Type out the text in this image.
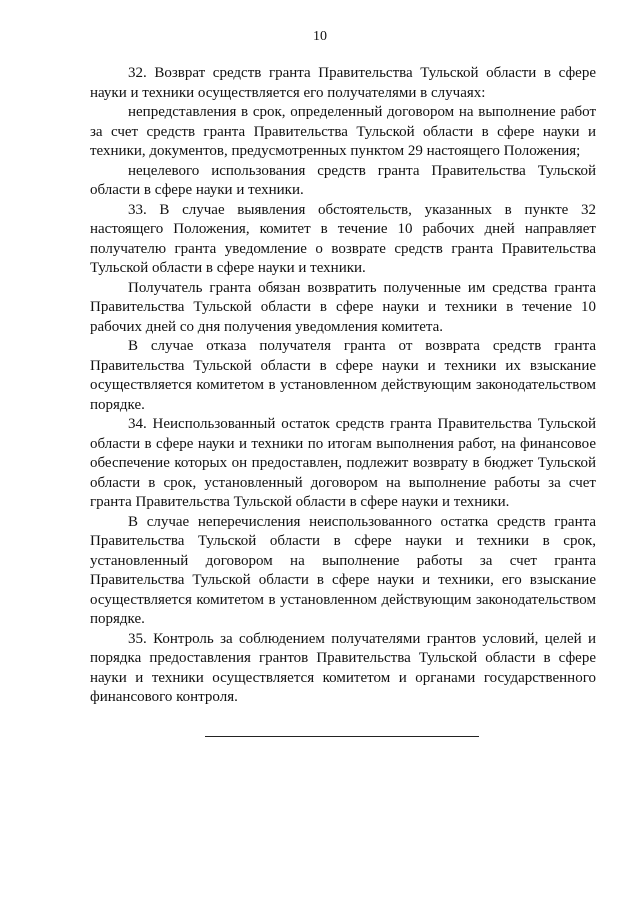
10

32. Возврат средств гранта Правительства Тульской области в сфере науки и техники осуществляется его получателями в случаях:

непредставления в срок, определенный договором на выполнение работ за счет средств гранта Правительства Тульской области в сфере науки и техники, документов, предусмотренных пунктом 29 настоящего Положения;

нецелевого использования средств гранта Правительства Тульской области в сфере науки и техники.

33. В случае выявления обстоятельств, указанных в пункте 32 настоящего Положения, комитет в течение 10 рабочих дней направляет получателю гранта уведомление о возврате средств гранта Правительства Тульской области в сфере науки и техники.

Получатель гранта обязан возвратить полученные им средства гранта Правительства Тульской области в сфере науки и техники в течение 10 рабочих дней со дня получения уведомления комитета.

В случае отказа получателя гранта от возврата средств гранта Правительства Тульской области в сфере науки и техники их взыскание осуществляется комитетом в установленном действующим законодательством порядке.

34. Неиспользованный остаток средств гранта Правительства Тульской области в сфере науки и техники по итогам выполнения работ, на финансовое обеспечение которых он предоставлен, подлежит возврату в бюджет Тульской области в срок, установленный договором на выполнение работы за счет гранта Правительства Тульской области в сфере науки и техники.

В случае неперечисления неиспользованного остатка средств гранта Правительства Тульской области в сфере науки и техники в срок, установленный договором на выполнение работы за счет гранта Правительства Тульской области в сфере науки и техники, его взыскание осуществляется комитетом в установленном действующим законодательством порядке.

35. Контроль за соблюдением получателями грантов условий, целей и порядка предоставления грантов Правительства Тульской области в сфере науки и техники осуществляется комитетом и органами государственного финансового контроля.
